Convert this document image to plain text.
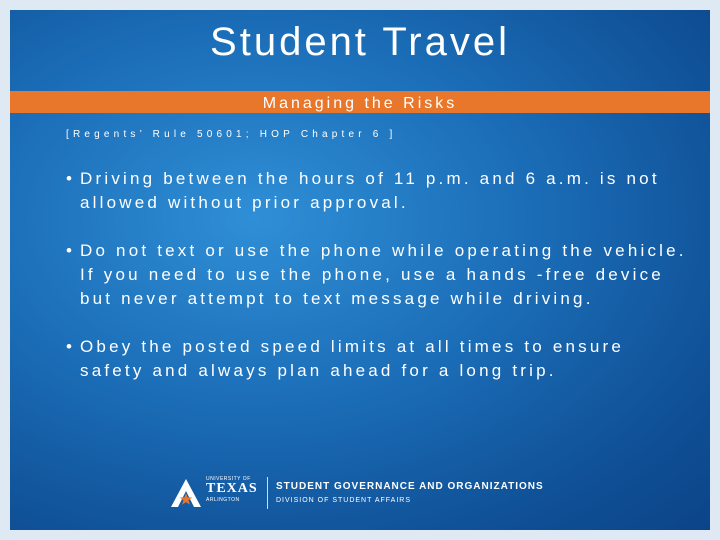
Student Travel
Managing the Risks
[Regents’ Rule 50601; HOP Chapter 6 ]
• Driving between the hours of 11 p.m. and 6 a.m. is not allowed without prior approval.
• Do not text or use the phone while operating the vehicle. If you need to use the phone, use a hands -free device but never attempt to text message while driving.
• Obey the posted speed limits at all times to ensure safety and always plan ahead for a long trip.
UNIVERSITY OF
TEXAS
ARLINGTON
STUDENT GOVERNANCE AND ORGANIZATIONS
DIVISION OF STUDENT AFFAIRS
